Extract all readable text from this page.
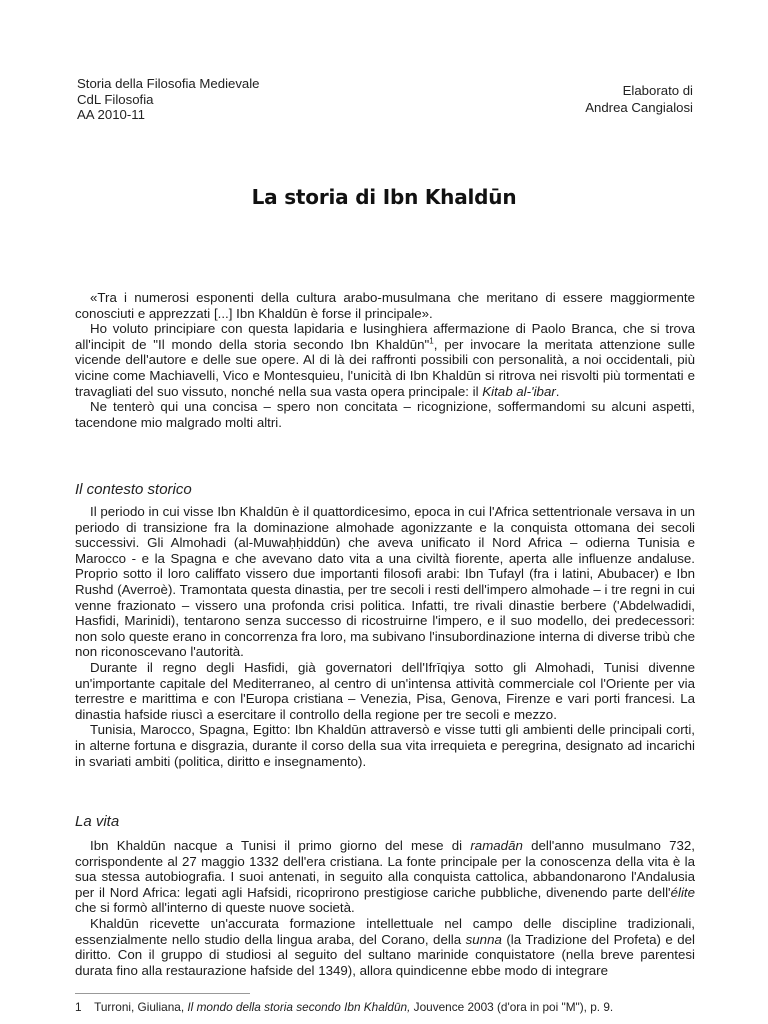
Storia della Filosofia Medievale
CdL Filosofia
AA 2010-11
Elaborato di
Andrea Cangialosi
La storia di Ibn Khaldūn

«Tra i numerosi esponenti della cultura arabo-musulmana che meritano di essere maggiormente conosciuti e apprezzati [...] Ibn Khaldūn è forse il principale».

Ho voluto principiare con questa lapidaria e lusinghiera affermazione di Paolo Branca, che si trova all'incipit de "Il mondo della storia secondo Ibn Khaldūn"$^1$, per invocare la meritata attenzione sulle vicende dell'autore e delle sue opere. Al di là dei raffronti possibili con personalità, a noi occidentali, più vicine come Machiavelli, Vico e Montesquieu, l'unicità di Ibn Khaldūn si ritrova nei risvolti più tormentati e travagliati del suo vissuto, nonché nella sua vasta opera principale: il Kitab al-'ibar.

Ne tenterò qui una concisa – spero non concitata – ricognizione, soffermandomi su alcuni aspetti, tacendone mio malgrado molti altri.

Il contesto storico

Il periodo in cui visse Ibn Khaldūn è il quattordicesimo, epoca in cui l'Africa settentrionale versava in un periodo di transizione fra la dominazione almohade agonizzante e la conquista ottomana dei secoli successivi. Gli Almohadi (al-Muwaḥḥiddūn) che aveva unificato il Nord Africa – odierna Tunisia e Marocco - e la Spagna e che avevano dato vita a una civiltà fiorente, aperta alle influenze andaluse. Proprio sotto il loro califfato vissero due importanti filosofi arabi: Ibn Tufayl (fra i latini, Abubacer) e Ibn Rushd (Averroè). Tramontata questa dinastia, per tre secoli i resti dell'impero almohade – i tre regni in cui venne frazionato – vissero una profonda crisi politica. Infatti, tre rivali dinastie berbere ('Abdelwadidi, Hasfidi, Marinidi), tentarono senza successo di ricostruirne l'impero, e il suo modello, dei predecessori: non solo queste erano in concorrenza fra loro, ma subivano l'insubordinazione interna di diverse tribù che non riconoscevano l'autorità.

Durante il regno degli Hasfidi, già governatori dell'Ifrīqiya sotto gli Almohadi, Tunisi divenne un'importante capitale del Mediterraneo, al centro di un'intensa attività commerciale col l'Oriente per via terrestre e marittima e con l'Europa cristiana – Venezia, Pisa, Genova, Firenze e vari porti francesi. La dinastia hafside riuscì a esercitare il controllo della regione per tre secoli e mezzo.

Tunisia, Marocco, Spagna, Egitto: Ibn Khaldūn attraversò e visse tutti gli ambienti delle principali corti, in alterne fortuna e disgrazia, durante il corso della sua vita irrequieta e peregrina, designato ad incarichi in svariati ambiti (politica, diritto e insegnamento).

La vita

Ibn Khaldūn nacque a Tunisi il primo giorno del mese di ramadān dell'anno musulmano 732, corrispondente al 27 maggio 1332 dell'era cristiana. La fonte principale per la conoscenza della vita è la sua stessa autobiografia. I suoi antenati, in seguito alla conquista cattolica, abbandonarono l'Andalusia per il Nord Africa: legati agli Hafsidi, ricoprirono prestigiose cariche pubbliche, divenendo parte dell'élite che si formò all'interno di queste nuove società.

Khaldūn ricevette un'accurata formazione intellettuale nel campo delle discipline tradizionali, essenzialmente nello studio della lingua araba, del Corano, della sunna (la Tradizione del Profeta) e del diritto. Con il gruppo di studiosi al seguito del sultano marinide conquistatore (nella breve parentesi durata fino alla restaurazione hafside del 1349), allora quindicenne ebbe modo di integrare

1 Turroni, Giuliana, Il mondo della storia secondo Ibn Khaldūn, Jouvence 2003 (d'ora in poi "M"), p. 9.
